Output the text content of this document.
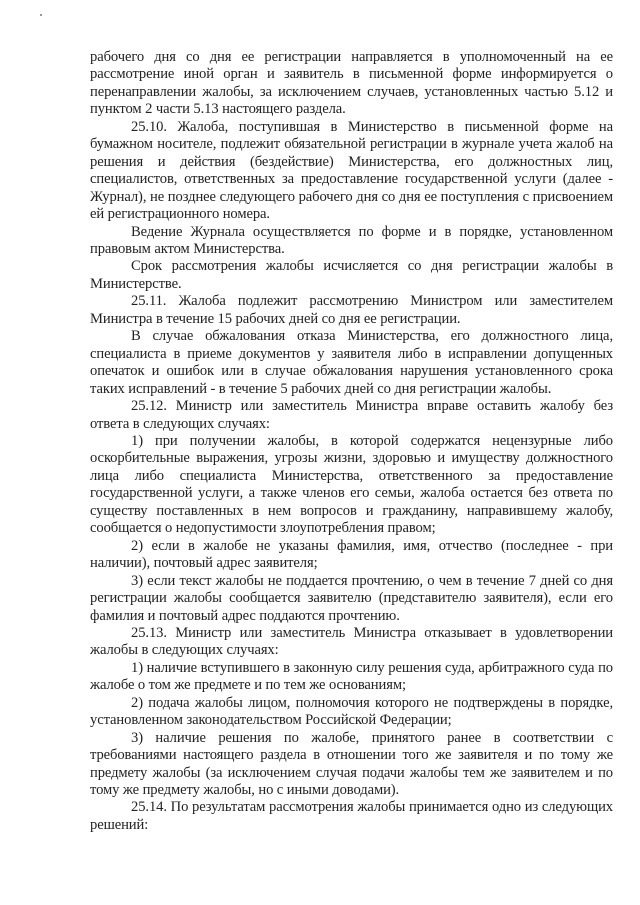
рабочего дня со дня ее регистрации направляется в уполномоченный на ее рассмотрение иной орган и заявитель в письменной форме информируется о перенаправлении жалобы, за исключением случаев, установленных частью 5.12 и пунктом 2 части 5.13 настоящего раздела.

25.10. Жалоба, поступившая в Министерство в письменной форме на бумажном носителе, подлежит обязательной регистрации в журнале учета жалоб на решения и действия (бездействие) Министерства, его должностных лиц, специалистов, ответственных за предоставление государственной услуги (далее - Журнал), не позднее следующего рабочего дня со дня ее поступления с присвоением ей регистрационного номера.

Ведение Журнала осуществляется по форме и в порядке, установленном правовым актом Министерства.

Срок рассмотрения жалобы исчисляется со дня регистрации жалобы в Министерстве.

25.11. Жалоба подлежит рассмотрению Министром или заместителем Министра в течение 15 рабочих дней со дня ее регистрации.

В случае обжалования отказа Министерства, его должностного лица, специалиста в приеме документов у заявителя либо в исправлении допущенных опечаток и ошибок или в случае обжалования нарушения установленного срока таких исправлений - в течение 5 рабочих дней со дня регистрации жалобы.

25.12. Министр или заместитель Министра вправе оставить жалобу без ответа в следующих случаях:

1) при получении жалобы, в которой содержатся нецензурные либо оскорбительные выражения, угрозы жизни, здоровью и имуществу должностного лица либо специалиста Министерства, ответственного за предоставление государственной услуги, а также членов его семьи, жалоба остается без ответа по существу поставленных в нем вопросов и гражданину, направившему жалобу, сообщается о недопустимости злоупотребления правом;

2) если в жалобе не указаны фамилия, имя, отчество (последнее - при наличии), почтовый адрес заявителя;

3) если текст жалобы не поддается прочтению, о чем в течение 7 дней со дня регистрации жалобы сообщается заявителю (представителю заявителя), если его фамилия и почтовый адрес поддаются прочтению.

25.13. Министр или заместитель Министра отказывает в удовлетворении жалобы в следующих случаях:

1) наличие вступившего в законную силу решения суда, арбитражного суда по жалобе о том же предмете и по тем же основаниям;

2) подача жалобы лицом, полномочия которого не подтверждены в порядке, установленном законодательством Российской Федерации;

3) наличие решения по жалобе, принятого ранее в соответствии с требованиями настоящего раздела в отношении того же заявителя и по тому же предмету жалобы (за исключением случая подачи жалобы тем же заявителем и по тому же предмету жалобы, но с иными доводами).

25.14. По результатам рассмотрения жалобы принимается одно из следующих решений:
